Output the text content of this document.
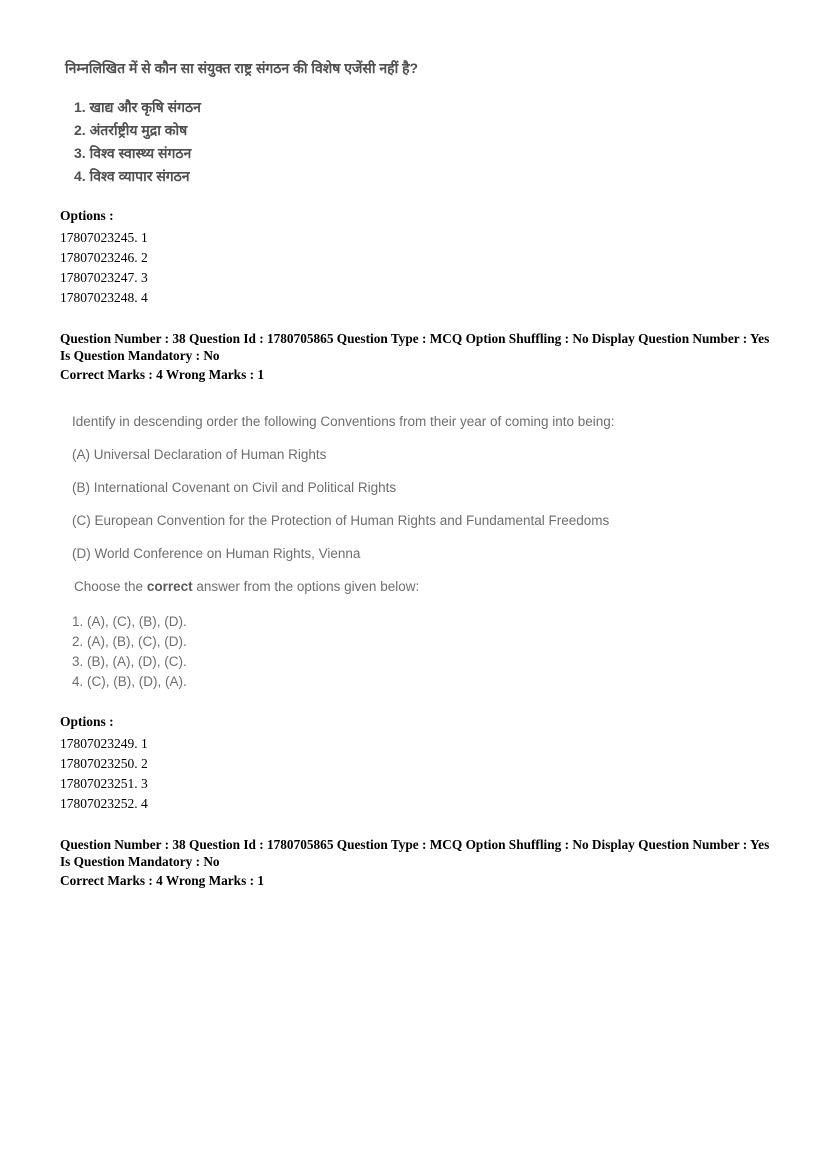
निम्नलिखित में से कौन सा संयुक्त राष्ट्र संगठन की विशेष एजेंसी नहीं है?
1. खाद्य और कृषि संगठन
2. अंतर्राष्ट्रीय मुद्रा कोष
3. विश्व स्वास्थ्य संगठन
4. विश्व व्यापार संगठन
Options :
17807023245. 1
17807023246. 2
17807023247. 3
17807023248. 4
Question Number : 38 Question Id : 1780705865 Question Type : MCQ Option Shuffling : No Display Question Number : Yes
Is Question Mandatory : No
Correct Marks : 4 Wrong Marks : 1
Identify in descending order the following Conventions from their year of coming into being:
(A) Universal Declaration of Human Rights
(B) International Covenant on Civil and Political Rights
(C) European Convention for the Protection of Human Rights and Fundamental Freedoms
(D) World Conference on Human Rights, Vienna
Choose the correct answer from the options given below:
1. (A), (C), (B), (D).
2. (A), (B), (C), (D).
3. (B), (A), (D), (C).
4. (C), (B), (D), (A).
Options :
17807023249. 1
17807023250. 2
17807023251. 3
17807023252. 4
Question Number : 38 Question Id : 1780705865 Question Type : MCQ Option Shuffling : No Display Question Number : Yes
Is Question Mandatory : No
Correct Marks : 4 Wrong Marks : 1
